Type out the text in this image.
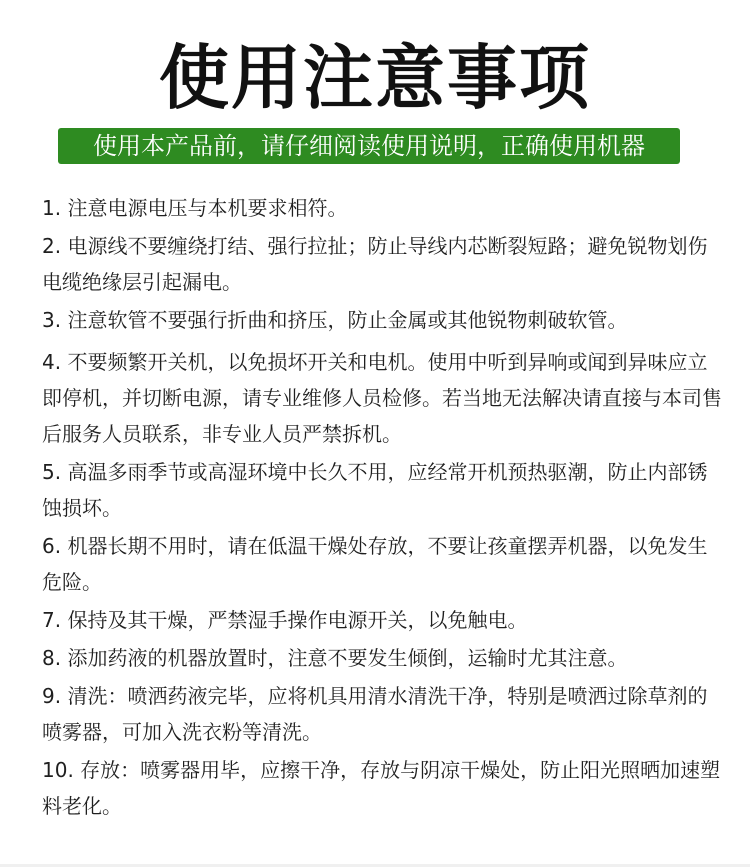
使用注意事项
使用本产品前，请仔细阅读使用说明，正确使用机器
1. 注意电源电压与本机要求相符。
2. 电源线不要缠绕打结、强行拉扯；防止导线内芯断裂短路；避免锐物划伤电缆绝缘层引起漏电。
3. 注意软管不要强行折曲和挤压，防止金属或其他锐物刺破软管。
4. 不要频繁开关机，以免损坏开关和电机。使用中听到异响或闻到异味应立即停机，并切断电源，请专业维修人员检修。若当地无法解决请直接与本司售后服务人员联系，非专业人员严禁拆机。
5. 高温多雨季节或高湿环境中长久不用，应经常开机预热驱潮，防止内部锈蚀损坏。
6. 机器长期不用时，请在低温干燥处存放，不要让孩童摆弄机器，以免发生危险。
7. 保持及其干燥，严禁湿手操作电源开关，以免触电。
8. 添加药液的机器放置时，注意不要发生倾倒，运输时尤其注意。
9. 清洗：喷洒药液完毕，应将机具用清水清洗干净，特别是喷洒过除草剂的喷雾器，可加入洗衣粉等清洗。
10. 存放：喷雾器用毕，应擦干净，存放与阴凉干燥处，防止阳光照晒加速塑料老化。
